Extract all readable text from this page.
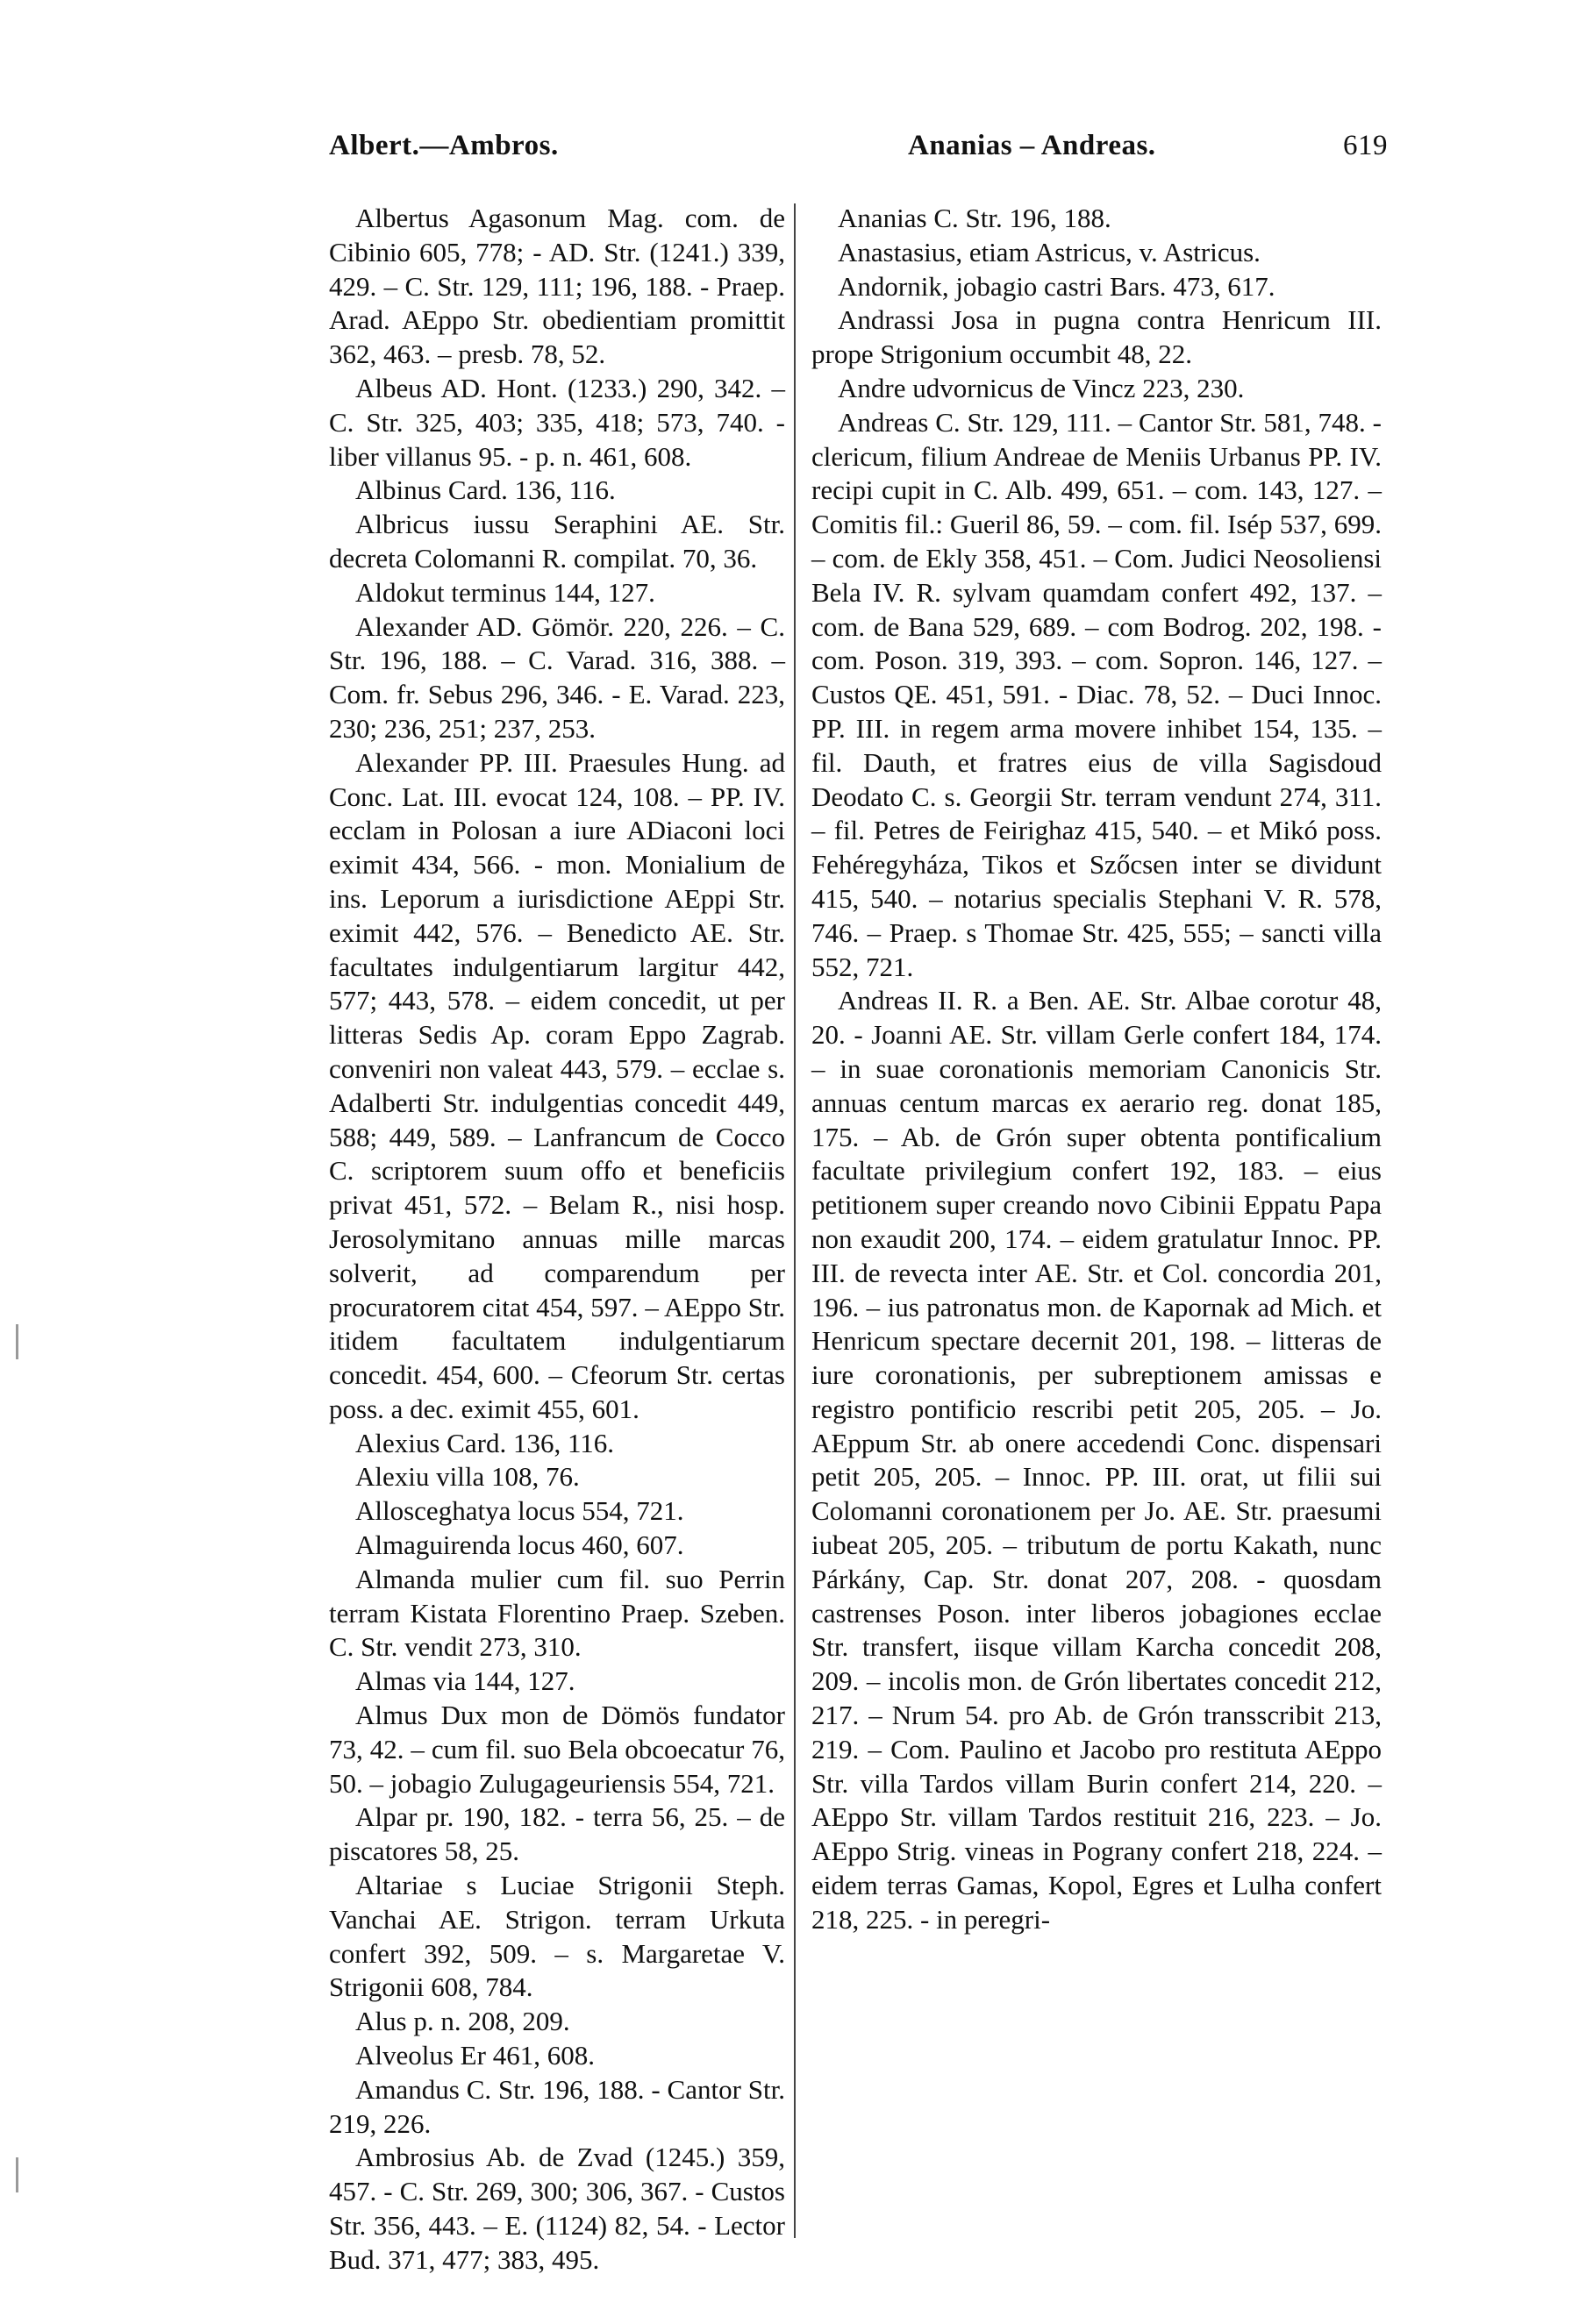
Albert.—Ambros.	Ananias – Andreas.	619

Albertus Agasonum Mag. com. de Cibinio 605, 778; - AD. Str. (1241.) 339, 429. – C. Str. 129, 111; 196, 188. - Praep. Arad. AEppo Str. obedientiam promittit 362, 463. – presb. 78, 52.

Albeus AD. Hont. (1233.) 290, 342. – C. Str. 325, 403; 335, 418; 573, 740. - liber villanus 95. - p. n. 461, 608.

Albinus Card. 136, 116.

Albricus iussu Seraphini AE. Str. decreta Colomanni R. compilat. 70, 36.

Aldokut terminus 144, 127.

Alexander AD. Gömör. 220, 226. – C. Str. 196, 188. – C. Varad. 316, 388. – Com. fr. Sebus 296, 346. - E. Varad. 223, 230; 236, 251; 237, 253.

Alexander PP. III. Praesules Hung. ad Conc. Lat. III. evocat 124, 108. – PP. IV. ecclam in Polosan a iure ADiaconi loci eximit 434, 566. - mon. Monialium de ins. Leporum a iurisdictione AEppi Str. eximit 442, 576. – Benedicto AE. Str. facultates indulgentiarum largitur 442, 577; 443, 578. – eidem concedit, ut per litteras Sedis Ap. coram Eppo Zagrab. conveniri non valeat 443, 579. – ecclae s. Adalberti Str. indulgentias concedit 449, 588; 449, 589. – Lanfrancum de Cocco C. scriptorem suum offo et beneficiis privat 451, 572. – Belam R., nisi hosp. Jerosolymitano annuas mille marcas solverit, ad comparendum per procuratorem citat 454, 597. – AEppo Str. itidem facultatem indulgentiarum concedit. 454, 600. – Cfeorum Str. certas poss. a dec. eximit 455, 601.

Alexius Card. 136, 116.

Alexiu villa 108, 76.

Allosceghatya locus 554, 721.

Almaguirenda locus 460, 607.

Almanda mulier cum fil. suo Perrin terram Kistata Florentino Praep. Szeben. C. Str. vendit 273, 310.

Almas via 144, 127.

Almus Dux mon de Dömös fundator 73, 42. – cum fil. suo Bela obcoecatur 76, 50. – jobagio Zulugageuriensis 554, 721.

Alpar pr. 190, 182. - terra 56, 25. – de piscatores 58, 25.

Altariae s Luciae Strigonii Steph. Vanchai AE. Strigon. terram Urkuta confert 392, 509. – s. Margaretae V. Strigonii 608, 784.

Alus p. n. 208, 209.

Alveolus Er 461, 608.

Amandus C. Str. 196, 188. - Cantor Str. 219, 226.

Ambrosius Ab. de Zvad (1245.) 359, 457. - C. Str. 269, 300; 306, 367. - Custos Str. 356, 443. – E. (1124) 82, 54. - Lector Bud. 371, 477; 383, 495.

Ananias C. Str. 196, 188.

Anastasius, etiam Astricus, v. Astricus.

Andornik, jobagio castri Bars. 473, 617.

Andrassi Josa in pugna contra Henricum III. prope Strigonium occumbit 48, 22.

Andre udvornicus de Vincz 223, 230.

Andreas C. Str. 129, 111. – Cantor Str. 581, 748. - clericum, filium Andreae de Meniis Urbanus PP. IV. recipi cupit in C. Alb. 499, 651. – com. 143, 127. – Comitis fil.: Gueril 86, 59. – com. fil. Isép 537, 699. – com. de Ekly 358, 451. – Com. Judici Neosoliensi Bela IV. R. sylvam quamdam confert 492, 137. – com. de Bana 529, 689. – com Bodrog. 202, 198. - com. Poson. 319, 393. – com. Sopron. 146, 127. – Custos QE. 451, 591. - Diac. 78, 52. – Duci Innoc. PP. III. in regem arma movere inhibet 154, 135. – fil. Dauth, et fratres eius de villa Sagisdoud Deodato C. s. Georgii Str. terram vendunt 274, 311. – fil. Petres de Feirighaz 415, 540. – et Mikó poss. Fehéregyháza, Tikos et Szőcsen inter se dividunt 415, 540. – notarius specialis Stephani V. R. 578, 746. – Praep. s Thomae Str. 425, 555; – sancti villa 552, 721.

Andreas II. R. a Ben. AE. Str. Albae corotur 48, 20. - Joanni AE. Str. villam Gerle confert 184, 174. – in suae coronationis memoriam Canonicis Str. annuas centum marcas ex aerario reg. donat 185, 175. – Ab. de Grón super obtenta pontificalium facultate privilegium confert 192, 183. – eius petitionem super creando novo Cibinii Eppatu Papa non exaudit 200, 174. – eidem gratulatur Innoc. PP. III. de revecta inter AE. Str. et Col. concordia 201, 196. – ius patronatus mon. de Kapornak ad Mich. et Henricum spectare decernit 201, 198. – litteras de iure coronationis, per subreptionem amissas e registro pontificio rescribi petit 205, 205. – Jo. AEppum Str. ab onere accedendi Conc. dispensari petit 205, 205. – Innoc. PP. III. orat, ut filii sui Colomanni coronationem per Jo. AE. Str. praesumi iubeat 205, 205. – tributum de portu Kakath, nunc Párkány, Cap. Str. donat 207, 208. - quosdam castrenses Poson. inter liberos jobagiones ecclae Str. transfert, iisque villam Karcha concedit 208, 209. – incolis mon. de Grón libertates concedit 212, 217. – Nrum 54. pro Ab. de Grón transscribit 213, 219. – Com. Paulino et Jacobo pro restituta AEppo Str. villa Tardos villam Burin confert 214, 220. – AEppo Str. villam Tardos restituit 216, 223. – Jo. AEppo Strig. vineas in Pograny confert 218, 224. – eidem terras Gamas, Kopol, Egres et Lulha confert 218, 225. - in peregri-
